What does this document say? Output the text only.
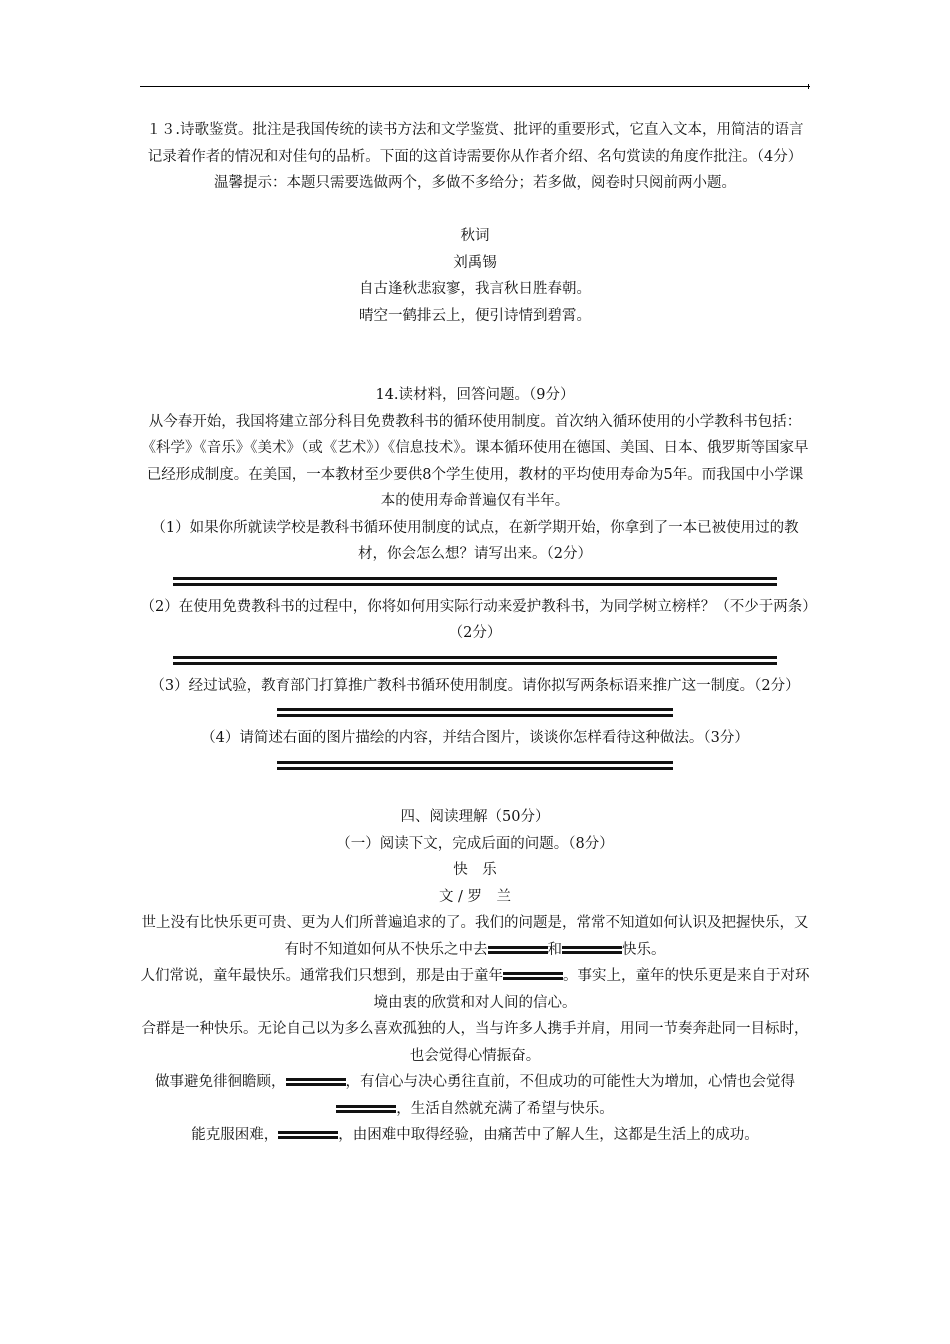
１３.诗歌鉴赏。批注是我国传统的读书方法和文学鉴赏、批评的重要形式，它直入文本，用简洁的语言记录着作者的情况和对佳句的品析。下面的这首诗需要你从作者介绍、名句赏读的角度作批注。（4分）

温馨提示：本题只需要选做两个，多做不多给分；若多做，阅卷时只阅前两小题。

秋词

刘禹锡

自古逢秋悲寂寥，我言秋日胜春朝。

晴空一鹤排云上，便引诗情到碧霄。

14.读材料，回答问题。（9分）

从今春开始，我国将建立部分科目免费教科书的循环使用制度。首次纳入循环使用的小学教科书包括：《科学》《音乐》《美术》（或《艺术》）《信息技术》。课本循环使用在德国、美国、日本、俄罗斯等国家早已经形成制度。在美国，一本教材至少要供8个学生使用，教材的平均使用寿命为5年。而我国中小学课本的使用寿命普遍仅有半年。

（1）如果你所就读学校是教科书循环使用制度的试点，在新学期开始，你拿到了一本已被使用过的教材，你会怎么想？请写出来。（2分）

（2）在使用免费教科书的过程中，你将如何用实际行动来爱护教科书，为同学树立榜样？（不少于两条）（2分）

（3）经过试验，教育部门打算推广教科书循环使用制度。请你拟写两条标语来推广这一制度。（2分）

（4）请简述右面的图片描绘的内容，并结合图片，谈谈你怎样看待这种做法。（3分）

四、阅读理解（50分）

（一）阅读下文，完成后面的问题。（8分）

快　乐

文 / 罗　兰

世上没有比快乐更可贵、更为人们所普遍追求的了。我们的问题是，常常不知道如何认识及把握快乐，又有时不知道如何从不快乐之中去	和	快乐。

人们常说，童年最快乐。通常我们只想到，那是由于童年	。事实上，童年的快乐更是来自于对环境由衷的欣赏和对人间的信心。

合群是一种快乐。无论自己以为多么喜欢孤独的人，当与许多人携手并肩，用同一节奏奔赴同一目标时，也会觉得心情振奋。

做事避免徘徊瞻顾，	，有信心与决心勇往直前，不但成功的可能性大为增加，心情也会觉得，生活自然就充满了希望与快乐。

能克服困难，	，由困难中取得经验，由痛苦中了解人生，这都是生活上的成功。
